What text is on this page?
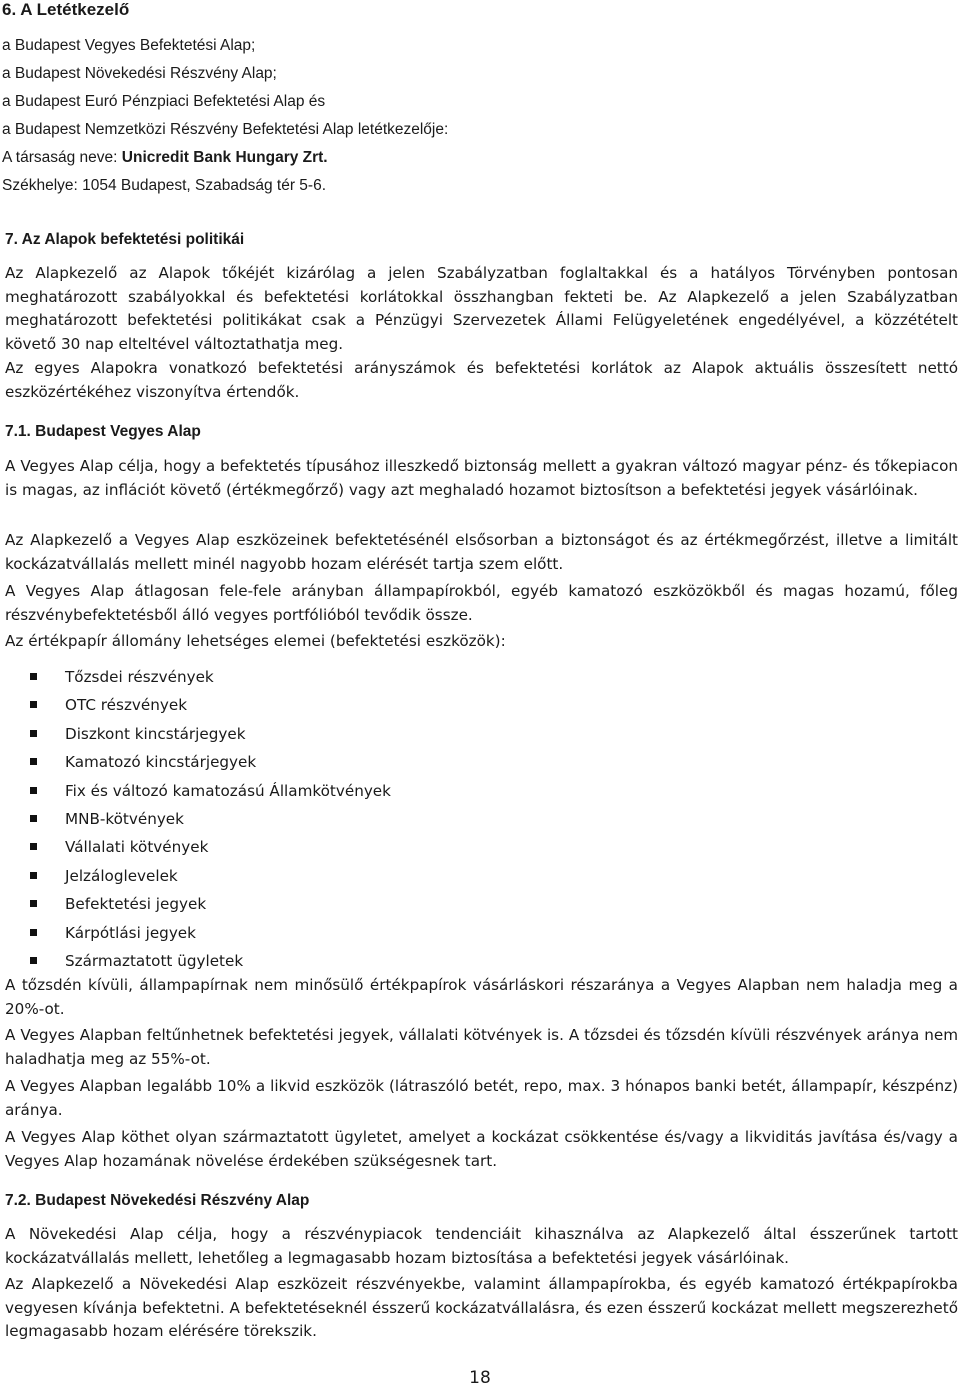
6. A Letétkezelő
a Budapest Vegyes Befektetési Alap;
a Budapest Növekedési Részvény Alap;
a Budapest Euró Pénzpiaci Befektetési Alap és
a Budapest Nemzetközi Részvény Befektetési Alap letétkezelője:
A társaság neve: Unicredit Bank Hungary Zrt.
Székhelye: 1054 Budapest, Szabadság tér 5-6.
7. Az Alapok befektetési politikái
Az Alapkezelő az Alapok tőkéjét kizárólag a jelen Szabályzatban foglaltakkal és a hatályos Törvényben pontosan meghatározott szabályokkal és befektetési korlátokkal összhangban fekteti be. Az Alapkezelő a jelen Szabályzatban meghatározott befektetési politikákat csak a Pénzügyi Szervezetek Állami Felügyeletének engedélyével, a közzétételt követő 30 nap elteltével változtathatja meg.
Az egyes Alapokra vonatkozó befektetési arányszámok és befektetési korlátok az Alapok aktuális összesített nettó eszközértékéhez viszonyítva értendők.
7.1. Budapest Vegyes Alap
A Vegyes Alap célja, hogy a befektetés típusához illeszkedő biztonság mellett a gyakran változó magyar pénz- és tőkepiacon is magas, az inflációt követő (értékmegőrző) vagy azt meghaladó hozamot biztosítson a befektetési jegyek vásárlóinak.
Az Alapkezelő a Vegyes Alap eszközeinek befektetésénél elsősorban a biztonságot és az értékmegőrzést, illetve a limitált kockázatvállalás mellett minél nagyobb hozam elérését tartja szem előtt.
A Vegyes Alap átlagosan fele-fele arányban állampapírokból, egyéb kamatozó eszközökből és magas hozamú, főleg részvénybefektetésből álló vegyes portfólióból tevődik össze.
Az értékpapír állomány lehetséges elemei (befektetési eszközök):
Tőzsdei részvények
OTC részvények
Diszkont kincstárjegyek
Kamatozó kincstárjegyek
Fix és változó kamatozású Államkötvények
MNB-kötvények
Vállalati kötvények
Jelzáloglevelek
Befektetési jegyek
Kárpótlási jegyek
Származtatott ügyletek
A tőzsdén kívüli, állampapírnak nem minősülő értékpapírok vásárláskori részaránya a Vegyes Alapban nem haladja meg a 20%-ot.
A Vegyes Alapban feltűnhetnek befektetési jegyek, vállalati kötvények is. A tőzsdei és tőzsdén kívüli részvények aránya nem haladhatja meg az 55%-ot.
A Vegyes Alapban legalább 10% a likvid eszközök (látraszóló betét, repo, max. 3 hónapos banki betét, állampapír, készpénz) aránya.
A Vegyes Alap köthet olyan származtatott ügyletet, amelyet a kockázat csökkentése és/vagy a likviditás javítása és/vagy a Vegyes Alap hozamának növelése érdekében szükségesnek tart.
7.2. Budapest Növekedési Részvény Alap
A Növekedési Alap célja, hogy a részvénypiacok tendenciáit kihasználva az Alapkezelő által ésszerűnek tartott kockázatvállalás mellett, lehetőleg a legmagasabb hozam biztosítása a befektetési jegyek vásárlóinak.
Az Alapkezelő a Növekedési Alap eszközeit részvényekbe, valamint állampapírokba, és egyéb kamatozó értékpapírokba vegyesen kívánja befektetni. A befektetéseknél ésszerű kockázatvállalásra, és ezen ésszerű kockázat mellett megszerezhető legmagasabb hozam elérésére törekszik.
18
